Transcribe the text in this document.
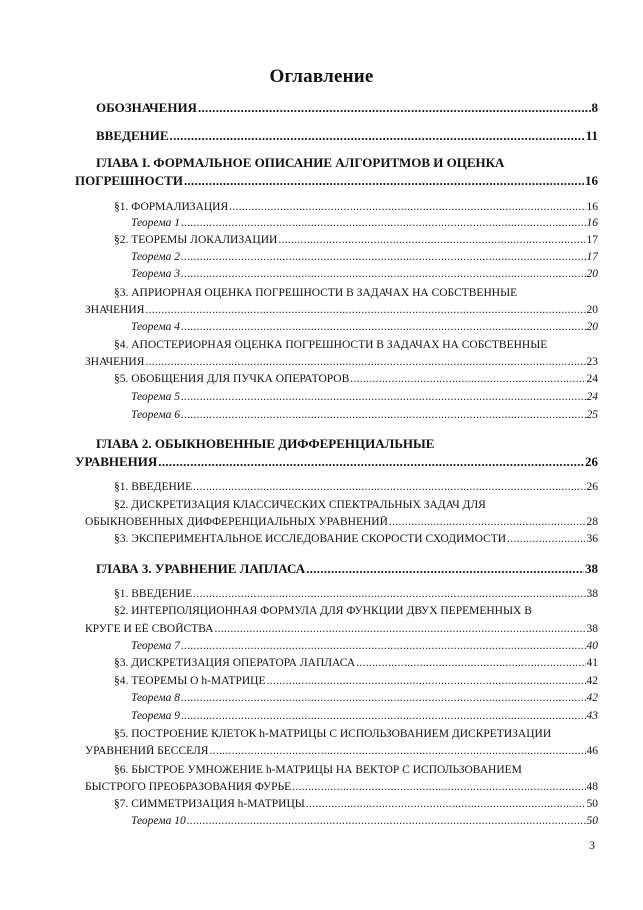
Оглавление
ОБОЗНАЧЕНИЯ .....	8
ВВЕДЕНИЕ .....	11
ГЛАВА I. ФОРМАЛЬНОЕ ОПИСАНИЕ АЛГОРИТМОВ И ОЦЕНКА
ПОГРЕШНОСТИ .....	16
§1. ФОРМАЛИЗАЦИЯ .....	16
Теорема 1 .....	16
§2. ТЕОРЕМЫ ЛОКАЛИЗАЦИИ .....	17
Теорема 2 .....	17
Теорема 3 .....	20
§3. АПРИОРНАЯ ОЦЕНКА ПОГРЕШНОСТИ В ЗАДАЧАХ НА СОБСТВЕННЫЕ
ЗНАЧЕНИЯ .....	20
Теорема 4 .....	20
§4. АПОСТЕРИОРНАЯ ОЦЕНКА ПОГРЕШНОСТИ В ЗАДАЧАХ НА СОБСТВЕННЫЕ
ЗНАЧЕНИЯ .....	23
§5. ОБОБЩЕНИЯ ДЛЯ ПУЧКА ОПЕРАТОРОВ .....	24
Теорема 5 .....	24
Теорема 6 .....	25
ГЛАВА 2. ОБЫКНОВЕННЫЕ ДИФФЕРЕНЦИАЛЬНЫЕ
УРАВНЕНИЯ .....	26
§1. ВВЕДЕНИЕ .....	26
§2. ДИСКРЕТИЗАЦИЯ КЛАССИЧЕСКИХ СПЕКТРАЛЬНЫХ ЗАДАЧ ДЛЯ
ОБЫКНОВЕННЫХ ДИФФЕРЕНЦИАЛЬНЫХ УРАВНЕНИЙ .....	28
§3. ЭКСПЕРИМЕНТАЛЬНОЕ ИССЛЕДОВАНИЕ СКОРОСТИ СХОДИМОСТИ .....	36
ГЛАВА 3. УРАВНЕНИЕ ЛАПЛАСА .....	38
§1. ВВЕДЕНИЕ .....	38
§2. ИНТЕРПОЛЯЦИОННАЯ ФОРМУЛА ДЛЯ ФУНКЦИИ ДВУХ ПЕРЕМЕННЫХ В
КРУГЕ И ЕЁ СВОЙСТВА .....	38
Теорема 7 .....	40
§3. ДИСКРЕТИЗАЦИЯ ОПЕРАТОРА ЛАПЛАСА .....	41
§4. ТЕОРЕМЫ О h-МАТРИЦЕ .....	42
Теорема 8 .....	42
Теорема 9 .....	43
§5. ПОСТРОЕНИЕ КЛЕТОК h-МАТРИЦЫ С ИСПОЛЬЗОВАНИЕМ ДИСКРЕТИЗАЦИИ
УРАВНЕНИЙ БЕССЕЛЯ .....	46
§6. БЫСТРОЕ УМНОЖЕНИЕ h-МАТРИЦЫ НА ВЕКТОР С ИСПОЛЬЗОВАНИЕМ
БЫСТРОГО ПРЕОБРАЗОВАНИЯ ФУРЬЕ .....	48
§7. СИММЕТРИЗАЦИЯ h-МАТРИЦЫ .....	50
Теорема 10 .....	50
3
